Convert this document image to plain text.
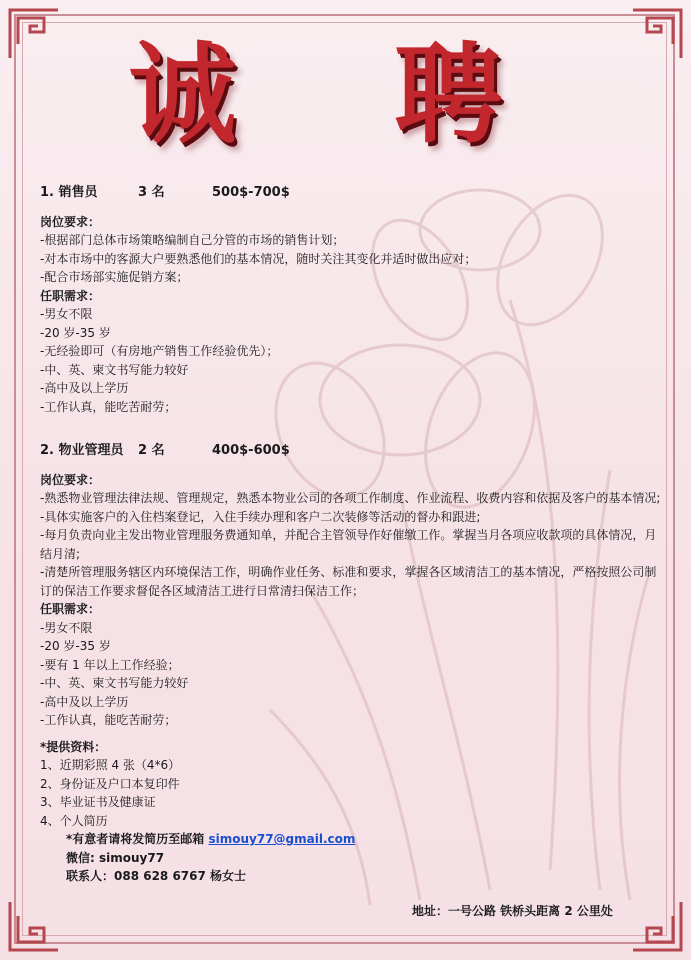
诚 聘
1. 销售员	3 名	500$-700$
岗位要求：
-根据部门总体市场策略编制自己分管的市场的销售计划；
-对本市场中的客源大户要熟悉他们的基本情况，随时关注其变化并适时做出应对；
-配合市场部实施促销方案；
任职需求：
-男女不限
-20 岁-35 岁
-无经验即可（有房地产销售工作经验优先）；
-中、英、柬文书写能力较好
-高中及以上学历
-工作认真，能吃苦耐劳；
2. 物业管理员	2 名	400$-600$
岗位要求：
-熟悉物业管理法律法规、管理规定，熟悉本物业公司的各项工作制度、作业流程、收费内容和依据及客户的基本情况;
-具体实施客户的入住档案登记，入住手续办理和客户二次装修等活动的督办和跟进;
-每月负责向业主发出物业管理服务费通知单，并配合主管领导作好催缴工作。掌握当月各项应收款项的具体情况，月结月清;
-清楚所管理服务辖区内环境保洁工作，明确作业任务、标准和要求，掌握各区域清洁工的基本情况，严格按照公司制订的保洁工作要求督促各区域清洁工进行日常清扫保洁工作；
任职需求：
-男女不限
-20 岁-35 岁
-要有 1 年以上工作经验；
-中、英、柬文书写能力较好
-高中及以上学历
-工作认真，能吃苦耐劳；
*提供资料：
1、近期彩照 4 张（4*6）
2、身份证及户口本复印件
3、毕业证书及健康证
4、个人简历
*有意者请将发简历至邮箱 simouy77@gmail.com
微信: simouy77
联系人：088 628 6767 杨女士
地址：一号公路 铁桥头距离 2 公里处
